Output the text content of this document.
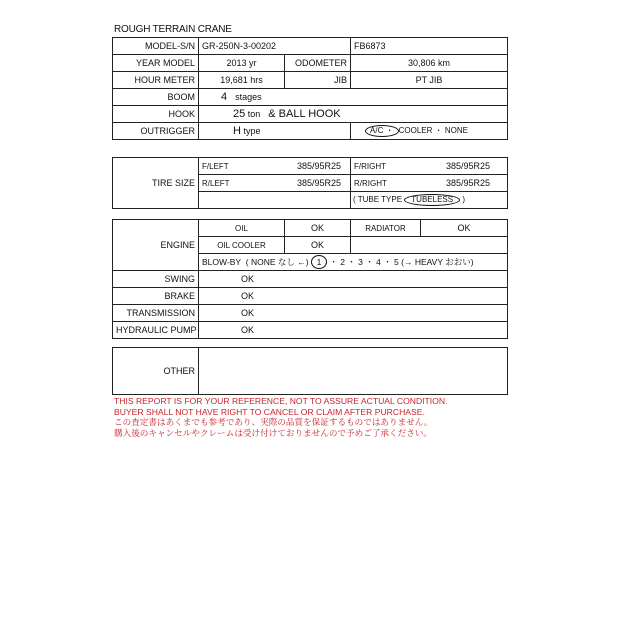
ROUGH TERRAIN CRANE
MODEL-S/N	GR-250N-3-00202		FB6873
YEAR MODEL	2013 yr	ODOMETER	30,806 km
HOUR METER	19,681 hrs	JIB	PT JIB
BOOM	4 stages		
HOOK	25 ton & BALL HOOK		
OUTRIGGER	H type		A/C ・ COOLER ・ NONE
TIRE SIZE	F/LEFT 385/95R25	F/RIGHT 385/95R25

	R/LEFT 385/95R25	R/RIGHT 385/95R25

		( TUBE TYPE TUBELESS )
ENGINE	OIL	OK	RADIATOR	OK
	OIL COOLER	OK		
	BLOW-BY ( NONE なし ←) 1 ・ 2 ・ 3 ・ 4 ・ 5 (→ HEAVY おおい)			
SWING	OK			
BRAKE	OK			
TRANSMISSION	OK			
HYDRAULIC PUMP	OK			

OTHER				
THIS REPORT IS FOR YOUR REFERENCE, NOT TO ASSURE ACTUAL CONDITION.
BUYER SHALL NOT HAVE RIGHT TO CANCEL OR CLAIM AFTER PURCHASE.
この査定書はあくまでも参考であり、実際の品質を保証するものではありません。
購入後のキャンセルやクレームは受け付けておりませんので予めご了承ください。
